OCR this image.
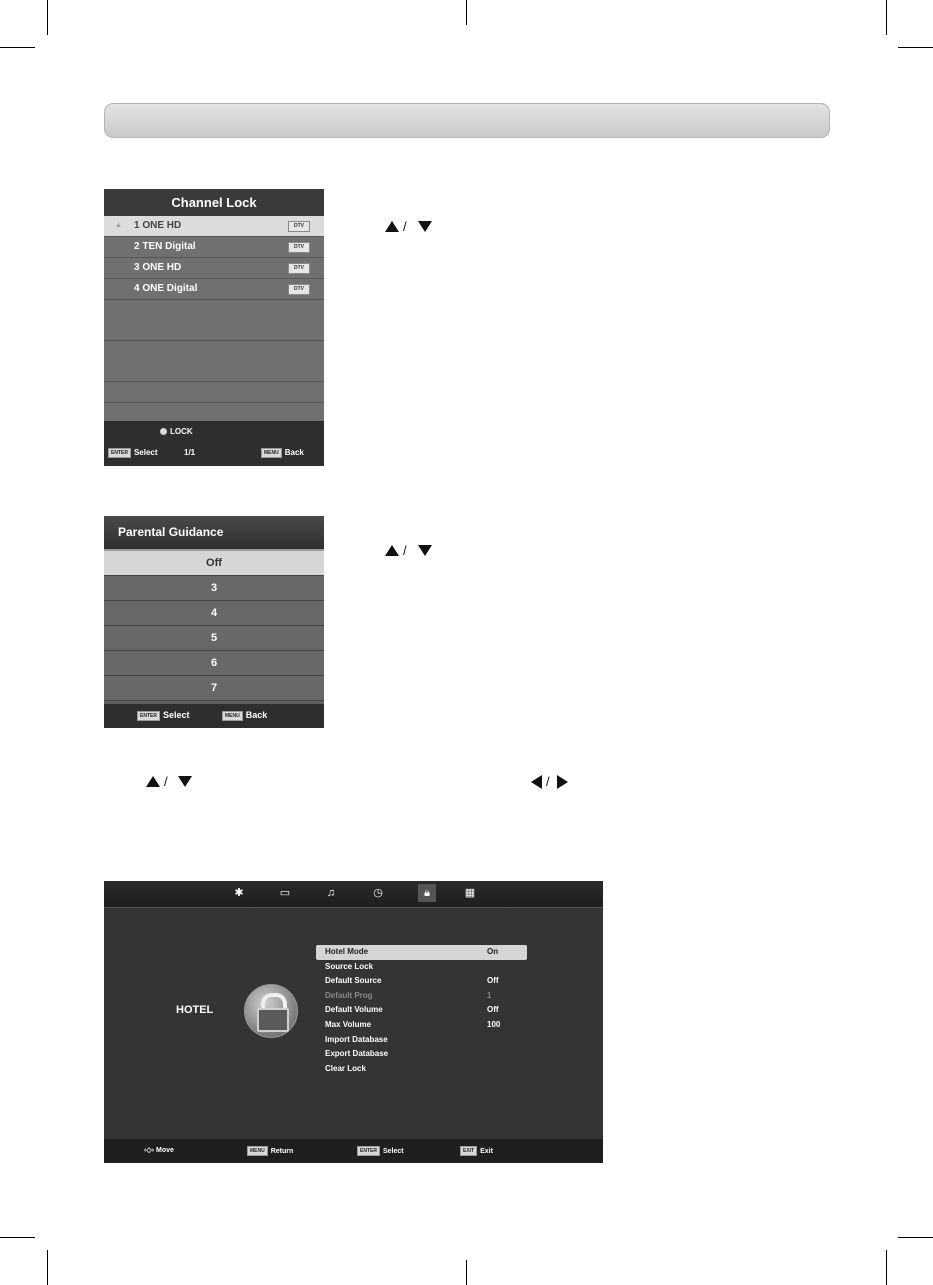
Channel Lock
▲ 1 ONE HD	DTV
2 TEN Digital	DTV
3 ONE HD	DTV
4 ONE Digital	DTV
LOCK
ENTER Select	1/1	MENU Back
/
Parental Guidance
Off
3
4
5
6
7
ENTER Select	MENU Back
/
/	/
✱	▭	♫	◷	🔒︎	▦
HOTEL
Hotel Mode	On
Source Lock
Default Source	Off
Default Prog	1
Default Volume	Off
Max Volume	100
Import Database
Export Database
Clear Lock
‹◇› Move	MENU Return	ENTER Select	EXIT Exit
